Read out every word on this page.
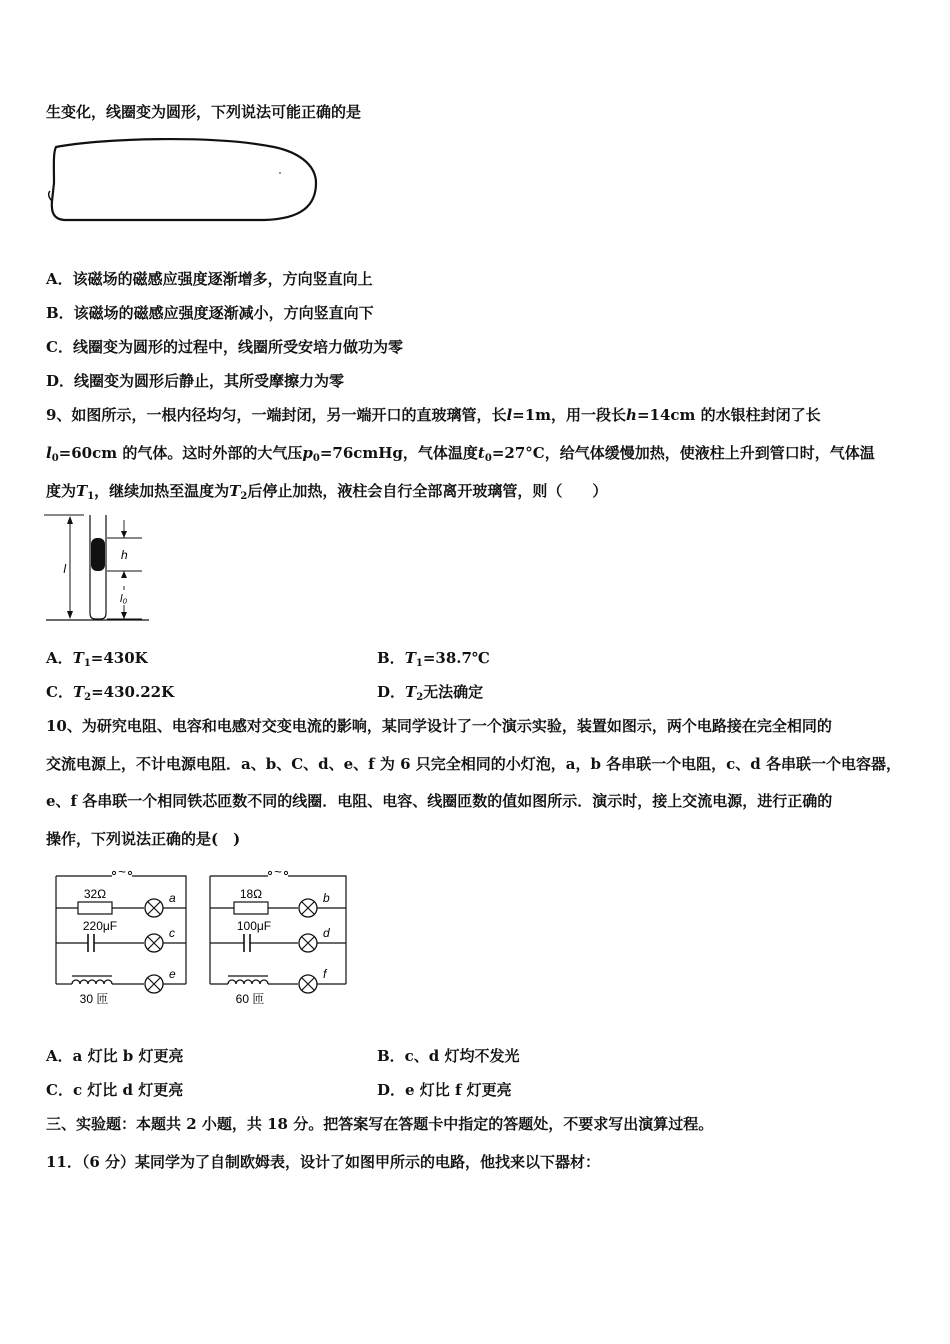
生变化，线圈变为圆形，下列说法可能正确的是
A．该磁场的磁感应强度逐渐增多，方向竖直向上
B．该磁场的磁感应强度逐渐减小，方向竖直向下
C．线圈变为圆形的过程中，线圈所受安培力做功为零
D．线圈变为圆形后静止，其所受摩擦力为零
9、如图所示，一根内径均匀，一端封闭，另一端开口的直玻璃管，长l=1m，用一段长h=14cm 的水银柱封闭了长
$l_0=60cm$ 的气体。这时外部的大气压$p_0=76cmHg$，气体温度$t_0=27^\circ C$，给气体缓慢加热，使液柱上升到管口时，气体温
度为$T_1$，继续加热至温度为$T_2$后停止加热，液柱会自行全部离开玻璃管，则（　　）
l
h
l₀
A．$T_1=430K$	B．$T_1=38.7℃$
C．$T_2=430.22K$	D．$T_2$无法确定
10、为研究电阻、电容和电感对交变电流的影响，某同学设计了一个演示实验，装置如图示，两个电路接在完全相同的
交流电源上，不计电源电阻．a、b、C、d、e、f 为 6 只完全相同的小灯泡，a，b 各串联一个电阻，c、d 各串联一个电容器，
e、f 各串联一个相同铁芯匝数不同的线圈．电阻、电容、线圈匝数的值如图所示．演示时，接上交流电源，进行正确的
操作，下列说法正确的是(　)
~
32Ω	a
220μF	c
e
30 匝
~
18Ω	b
100μF	d
f
60 匝
A．a 灯比 b 灯更亮	B．c、d 灯均不发光
C．c 灯比 d 灯更亮	D．e 灯比 f 灯更亮
三、实验题：本题共 2 小题，共 18 分。把答案写在答题卡中指定的答题处，不要求写出演算过程。
11．（6 分）某同学为了自制欧姆表，设计了如图甲所示的电路，他找来以下器材：
